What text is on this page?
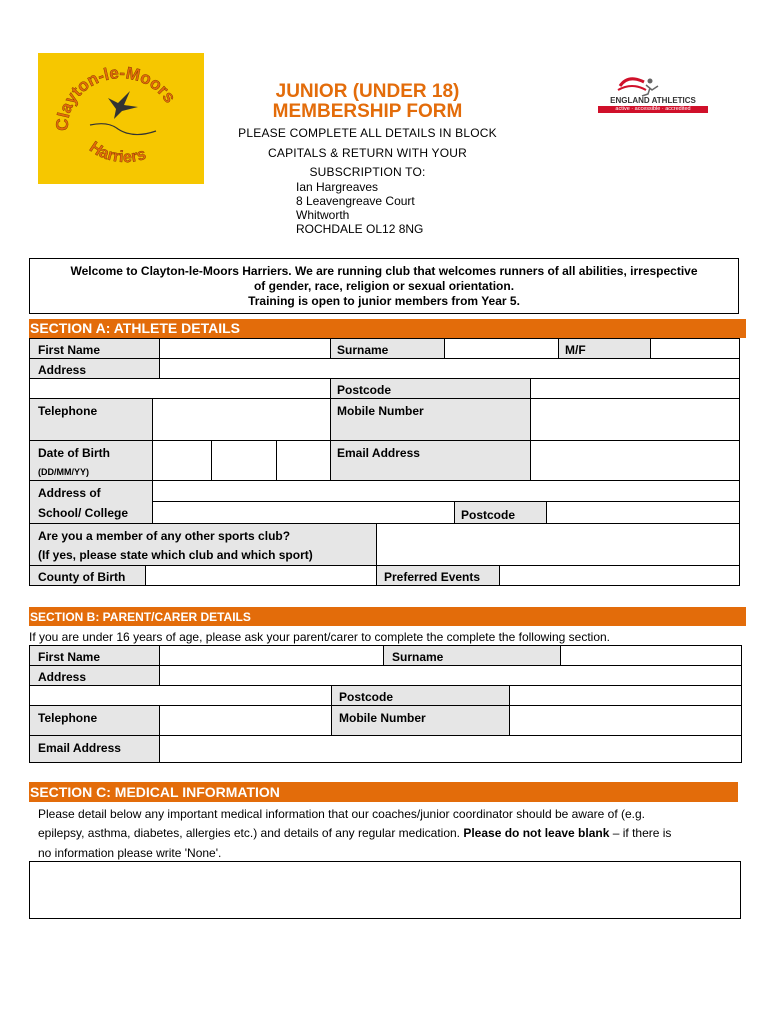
Clayton-le-Moors
Harriers
JUNIOR (UNDER 18)
MEMBERSHIP FORM
PLEASE COMPLETE ALL DETAILS IN BLOCK
CAPITALS & RETURN WITH YOUR
SUBSCRIPTION TO:
Ian Hargreaves
8 Leavengreave Court
Whitworth
ROCHDALE OL12 8NG
ENGLAND ATHLETICS
active · accessible · accredited
Welcome to Clayton-le-Moors Harriers. We are running club that welcomes runners of all abilities, irrespective
of gender, race, religion or sexual orientation.
Training is open to junior members from Year 5.
SECTION A: ATHLETE DETAILS
First Name	Surname	M/F
Address
Postcode
Telephone	Mobile Number
Date of Birth
(DD/MM/YY)
Email Address
Address of
School/ College	Postcode
Are you a member of any other sports club?
(If yes, please state which club and which sport)
County of Birth	Preferred Events
SECTION B: PARENT/CARER DETAILS
If you are under 16 years of age, please ask your parent/carer to complete the complete the following section.
First Name	Surname
Address
Postcode
Telephone	Mobile Number
Email Address
SECTION C: MEDICAL INFORMATION
Please detail below any important medical information that our coaches/junior coordinator should be aware of (e.g.
epilepsy, asthma, diabetes, allergies etc.) and details of any regular medication. Please do not leave blank – if there is
no information please write 'None'.
